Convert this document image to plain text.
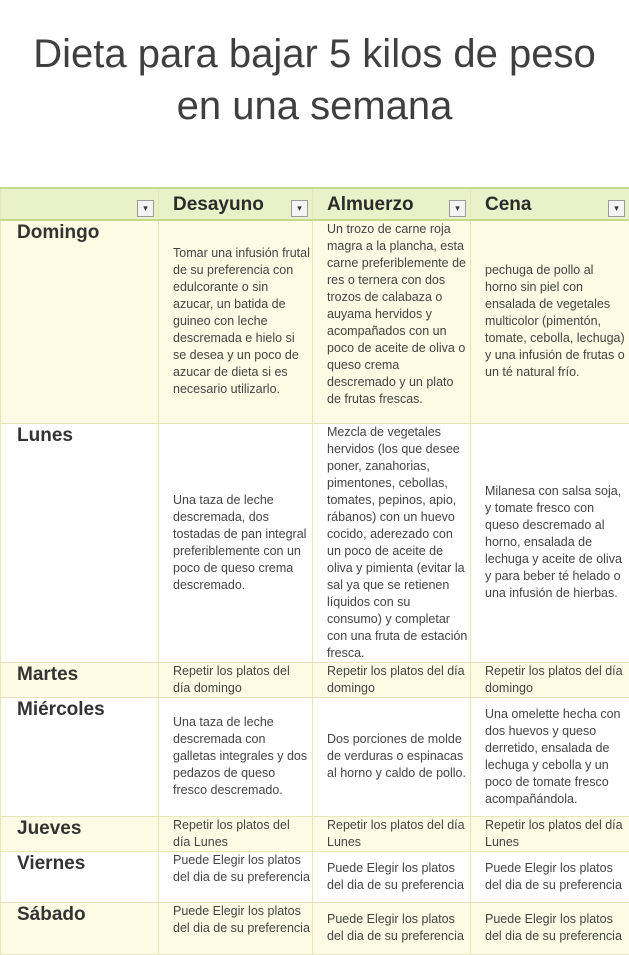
Dieta para bajar 5 kilos de peso
en una semana
▾	Desayuno ▾	Almuerzo ▾	Cena ▾

Domingo	Tomar una infusión frutal de su preferencia con edulcorante o sin azucar, un batida de guineo con leche descremada e hielo si se desea y un poco de azucar de dieta si es necesario utilizarlo.	Un trozo de carne roja magra a la plancha, esta carne preferiblemente de res o ternera con dos trozos de calabaza o auyama hervidos y acompañados con un poco de aceite de oliva o queso crema descremado y un plato de frutas frescas.	pechuga de pollo al horno sin piel con ensalada de vegetales multicolor (pimentón, tomate, cebolla, lechuga) y una infusión de frutas o un té natural frío.
Lunes	Una taza de leche descremada, dos tostadas de pan integral preferiblemente con un poco de queso crema descremado.	Mezcla de vegetales hervidos (los que desee poner, zanahorias, pimentones, cebollas, tomates, pepinos, apio, rábanos) con un huevo cocido, aderezado con un poco de aceite de oliva y pimienta (evitar la sal ya que se retienen líquidos con su consumo) y completar con una fruta de estación fresca.	Milanesa con salsa soja, y tomate fresco con queso descremado al horno, ensalada de lechuga y aceite de oliva y para beber té helado o una infusión de hierbas.
Martes	Repetir los platos del día domingo	Repetir los platos del día domingo	Repetir los platos del día domingo
Miércoles	Una taza de leche descremada con galletas integrales y dos pedazos de queso fresco descremado.	Dos porciones de molde de verduras o espinacas al horno y caldo de pollo.	Una omelette hecha con dos huevos y queso derretido, ensalada de lechuga y cebolla y un poco de tomate fresco acompañándola.
Jueves	Repetir los platos del día Lunes	Repetir los platos del día Lunes	Repetir los platos del día Lunes
Viernes	Puede Elegir los platos del dia de su preferencia	Puede Elegir los platos del dia de su preferencia	Puede Elegir los platos del dia de su preferencia
Sábado	Puede Elegir los platos del dia de su preferencia	Puede Elegir los platos del dia de su preferencia	Puede Elegir los platos del dia de su preferencia
